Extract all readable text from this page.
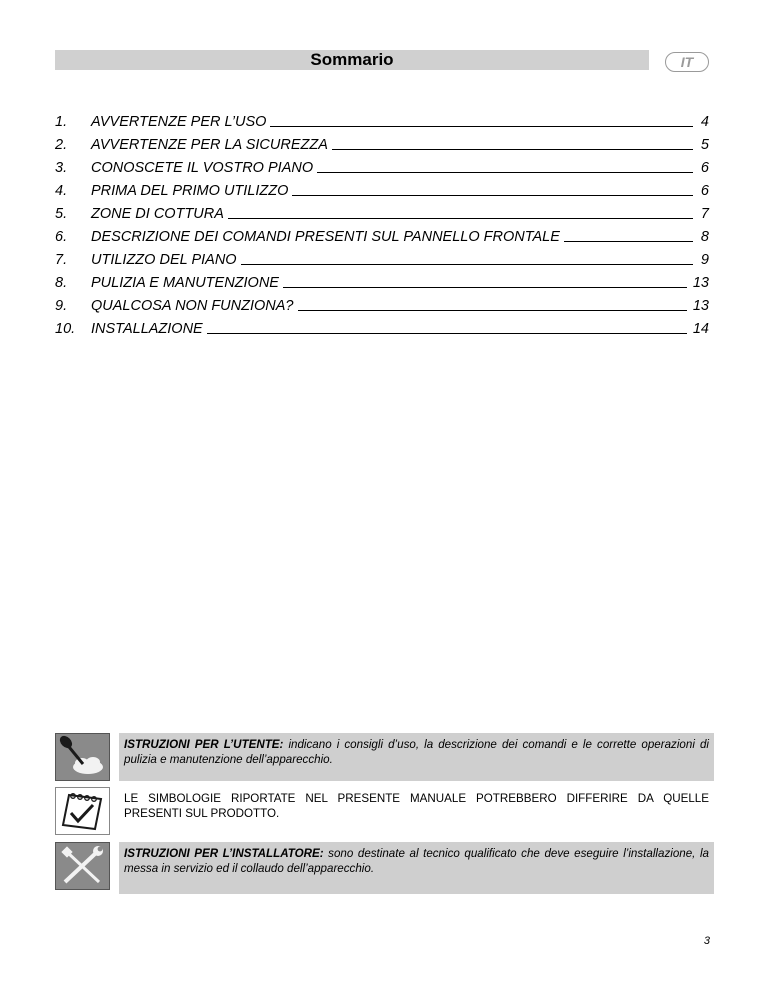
Sommario	IT
1.	AVVERTENZE PER L’USO	4
2.	AVVERTENZE PER LA SICUREZZA	5
3.	CONOSCETE IL VOSTRO PIANO	6
4.	PRIMA DEL PRIMO UTILIZZO	6
5.	ZONE DI COTTURA	7
6.	DESCRIZIONE DEI COMANDI PRESENTI SUL PANNELLO FRONTALE	8
7.	UTILIZZO DEL PIANO	9
8.	PULIZIA E MANUTENZIONE	13
9.	QUALCOSA NON FUNZIONA?	13
10.	INSTALLAZIONE	14
ISTRUZIONI PER L’UTENTE: indicano i consigli d’uso, la descrizione dei comandi e le corrette operazioni di pulizia e manutenzione dell’apparecchio.
LE SIMBOLOGIE RIPORTATE NEL PRESENTE MANUALE POTREBBERO DIFFERIRE DA QUELLE PRESENTI SUL PRODOTTO.
ISTRUZIONI PER L’INSTALLATORE: sono destinate al tecnico qualificato che deve eseguire l’installazione, la messa in servizio ed il collaudo dell’apparecchio.
3
